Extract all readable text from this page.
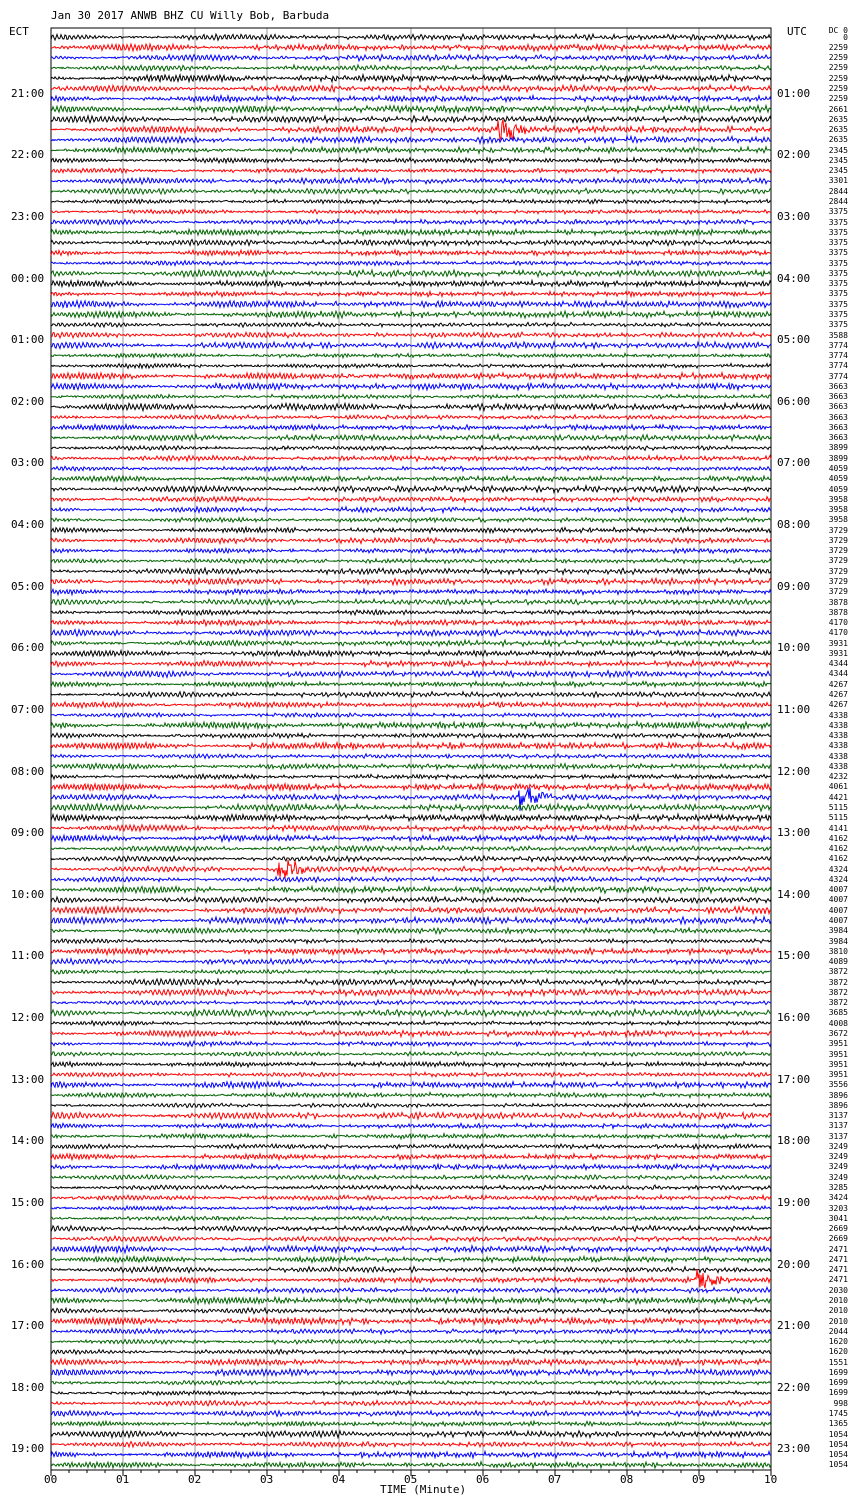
Jan 30 2017 ANWB BHZ CU Willy Bob, Barbuda
ECT	UTC	DC 0
TIME (Minute)
0
2259
2259
2259
2259
2259
2259
2661
2635
2635
2635
2345
2345
2345
3301
2844
2844
3375
3375
3375
3375
3375
3375
3375
3375
3375
3375
3375
3375
3588
3774
3774
3774
3774
3663
3663
3663
3663
3663
3663
3899
3899
4059
4059
4059
3958
3958
3958
3729
3729
3729
3729
3729
3729
3729
3878
3878
4170
4170
3931
3931
4344
4344
4267
4267
4267
4338
4338
4338
4338
4338
4338
4232
4061
4421
5115
5115
4141
4162
4162
4162
4324
4324
4007
4007
4007
4007
3984
3984
3810
4089
3872
3872
3872
3872
3685
4008
3672
3951
3951
3951
3951
3556
3896
3896
3137
3137
3137
3249
3249
3249
3249
3285
3424
3203
3041
2669
2669
2471
2471
2471
2471
2030
2010
2010
2010
2044
1620
1620
1551
1699
1699
1699
998
1745
1365
1054
1054
1054
1054
21:00
22:00
23:00
00:00
01:00
02:00
03:00
04:00
05:00
06:00
07:00
08:00
09:00
10:00
11:00
12:00
13:00
14:00
15:00
16:00
17:00
18:00
19:00
01:00
02:00
03:00
04:00
05:00
06:00
07:00
08:00
09:00
10:00
11:00
12:00
13:00
14:00
15:00
16:00
17:00
18:00
19:00
20:00
21:00
22:00
23:00
00	01	02	03	04	05	06	07	08	09	10
